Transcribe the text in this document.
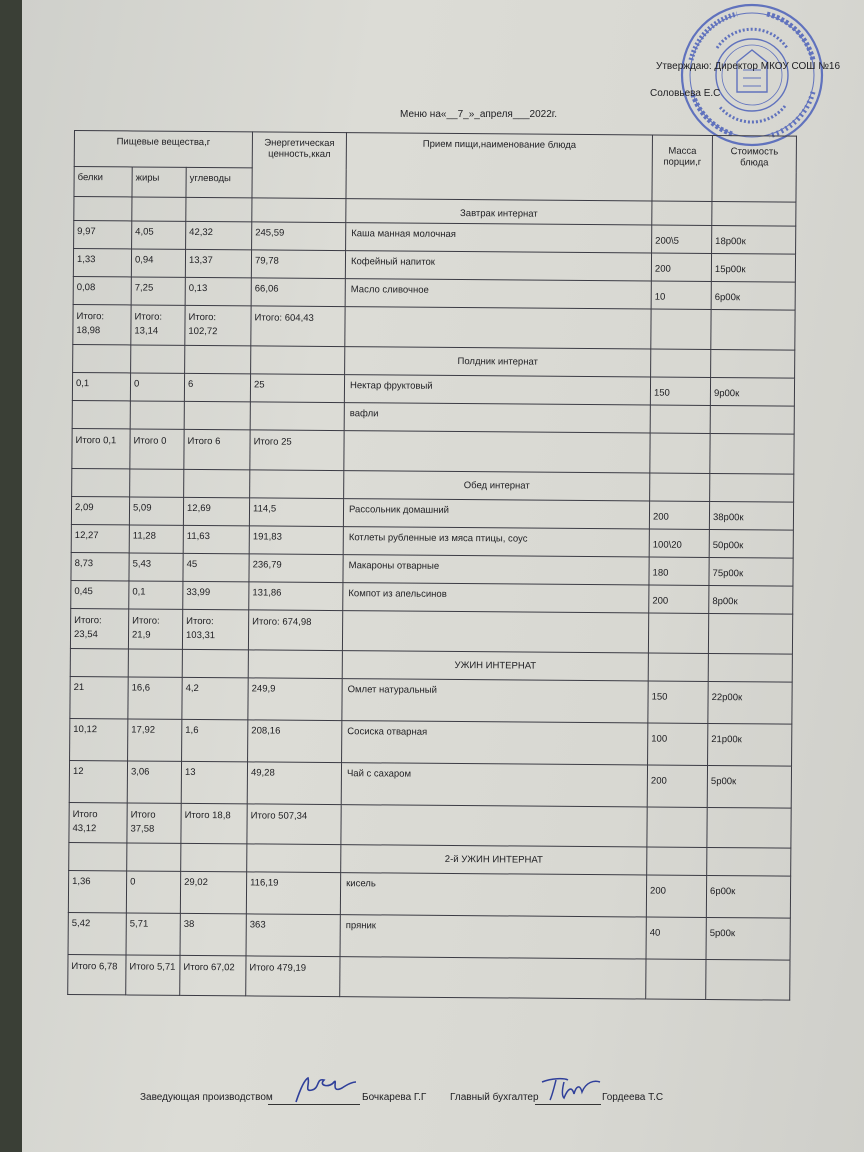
Утверждаю: Директор МКОУ СОШ №16
Соловьева Е.С
Меню на«__7_»_апреля___2022г.
Пищевые вещества,г			Энергетическая ценность,ккал	Прием пищи,наименование блюда	Масса порции,г	Стоимость блюда
белки	жиры	углеводы				
				Завтрак интернат		
9,97	4,05	42,32	245,59	Каша манная молочная	200\5	18р00к
1,33	0,94	13,37	79,78	Кофейный напиток	200	15р00к
0,08	7,25	0,13	66,06	Масло сливочное	10	6р00к
Итого: 18,98	Итого: 13,14	Итого: 102,72	Итого: 604,43			
				Полдник интернат		
0,1	0	6	25	Нектар фруктовый	150	9р00к
				вафли		
Итого 0,1	Итого 0	Итого 6	Итого 25			
				Обед интернат		
2,09	5,09	12,69	114,5	Рассольник домашний	200	38р00к
12,27	11,28	11,63	191,83	Котлеты рубленные из мяса птицы, соус	100\20	50р00к
8,73	5,43	45	236,79	Макароны отварные	180	75р00к
0,45	0,1	33,99	131,86	Компот из апельсинов	200	8р00к
Итого: 23,54	Итого: 21,9	Итого: 103,31	Итого: 674,98			
				УЖИН ИНТЕРНАТ		
21	16,6	4,2	249,9	Омлет натуральный	150	22р00к
10,12	17,92	1,6	208,16	Сосиска отварная	100	21р00к
12	3,06	13	49,28	Чай с сахаром	200	5р00к
Итого 43,12	Итого 37,58	Итого 18,8	Итого 507,34			
				2-й УЖИН ИНТЕРНАТ		
1,36	0	29,02	116,19	кисель	200	6р00к
5,42	5,71	38	363	пряник	40	5р00к
Итого 6,78	Итого 5,71	Итого 67,02	Итого 479,19			
Заведующая производством	Бочкарева Г.Г Главный бухгалтер	Гордеева Т.С
